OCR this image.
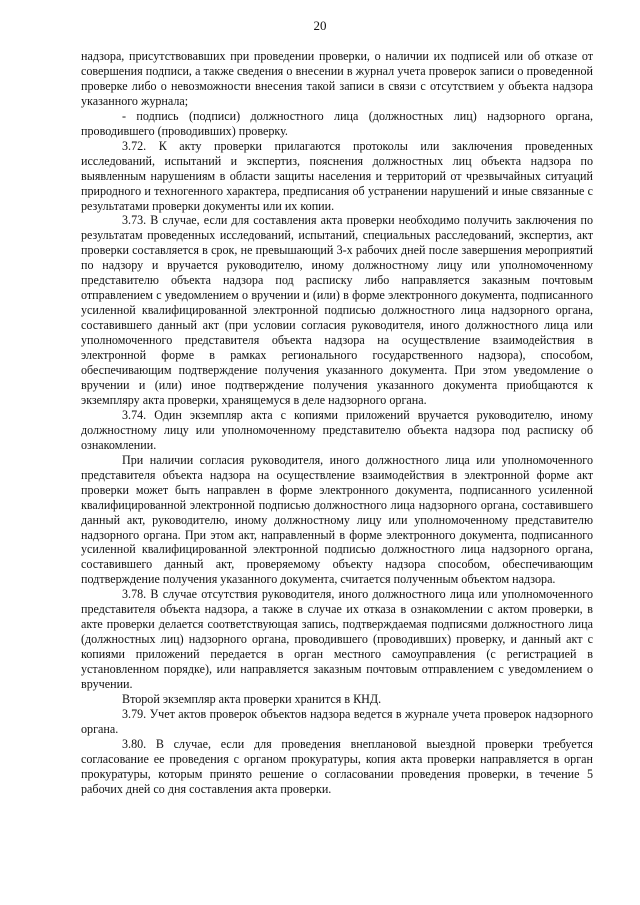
20

надзора, присутствовавших при проведении проверки, о наличии их подписей или об отказе от совершения подписи, а также сведения о внесении в журнал учета проверок записи о проведенной проверке либо о невозможности внесения такой записи в связи с отсутствием у объекта надзора указанного журнала;

- подпись (подписи) должностного лица (должностных лиц) надзорного органа, проводившего (проводивших) проверку.

3.72. К акту проверки прилагаются протоколы или заключения проведенных исследований, испытаний и экспертиз, пояснения должностных лиц объекта надзора по выявленным нарушениям в области защиты населения и территорий от чрезвычайных ситуаций природного и техногенного характера, предписания об устранении нарушений и иные связанные с результатами проверки документы или их копии.

3.73. В случае, если для составления акта проверки необходимо получить заключения по результатам проведенных исследований, испытаний, специальных расследований, экспертиз, акт проверки составляется в срок, не превышающий 3-х рабочих дней после завершения мероприятий по надзору и вручается руководителю, иному должностному лицу или уполномоченному представителю объекта надзора под расписку либо направляется заказным почтовым отправлением с уведомлением о вручении и (или) в форме электронного документа, подписанного усиленной квалифицированной электронной подписью должностного лица надзорного органа, составившего данный акт (при условии согласия руководителя, иного должностного лица или уполномоченного представителя объекта надзора на осуществление взаимодействия в электронной форме в рамках регионального государственного надзора), способом, обеспечивающим подтверждение получения указанного документа. При этом уведомление о вручении и (или) иное подтверждение получения указанного документа приобщаются к экземпляру акта проверки, хранящемуся в деле надзорного органа.

3.74. Один экземпляр акта с копиями приложений вручается руководителю, иному должностному лицу или уполномоченному представителю объекта надзора под расписку об ознакомлении.

При наличии согласия руководителя, иного должностного лица или уполномоченного представителя объекта надзора на осуществление взаимодействия в электронной форме акт проверки может быть направлен в форме электронного документа, подписанного усиленной квалифицированной электронной подписью должностного лица надзорного органа, составившего данный акт, руководителю, иному должностному лицу или уполномоченному представителю надзорного органа. При этом акт, направленный в форме электронного документа, подписанного усиленной квалифицированной электронной подписью должностного лица надзорного органа, составившего данный акт, проверяемому объекту надзора способом, обеспечивающим подтверждение получения указанного документа, считается полученным объектом надзора.

3.78. В случае отсутствия руководителя, иного должностного лица или уполномоченного представителя объекта надзора, а также в случае их отказа в ознакомлении с актом проверки, в акте проверки делается соответствующая запись, подтверждаемая подписями должностного лица (должностных лиц) надзорного органа, проводившего (проводивших) проверку, и данный акт с копиями приложений передается в орган местного самоуправления (с регистрацией в установленном порядке), или направляется заказным почтовым отправлением с уведомлением о вручении.

Второй экземпляр акта проверки хранится в КНД.

3.79. Учет актов проверок объектов надзора ведется в журнале учета проверок надзорного органа.

3.80. В случае, если для проведения внеплановой выездной проверки требуется согласование ее проведения с органом прокуратуры, копия акта проверки направляется в орган прокуратуры, которым принято решение о согласовании проведения проверки, в течение 5 рабочих дней со дня составления акта проверки.
